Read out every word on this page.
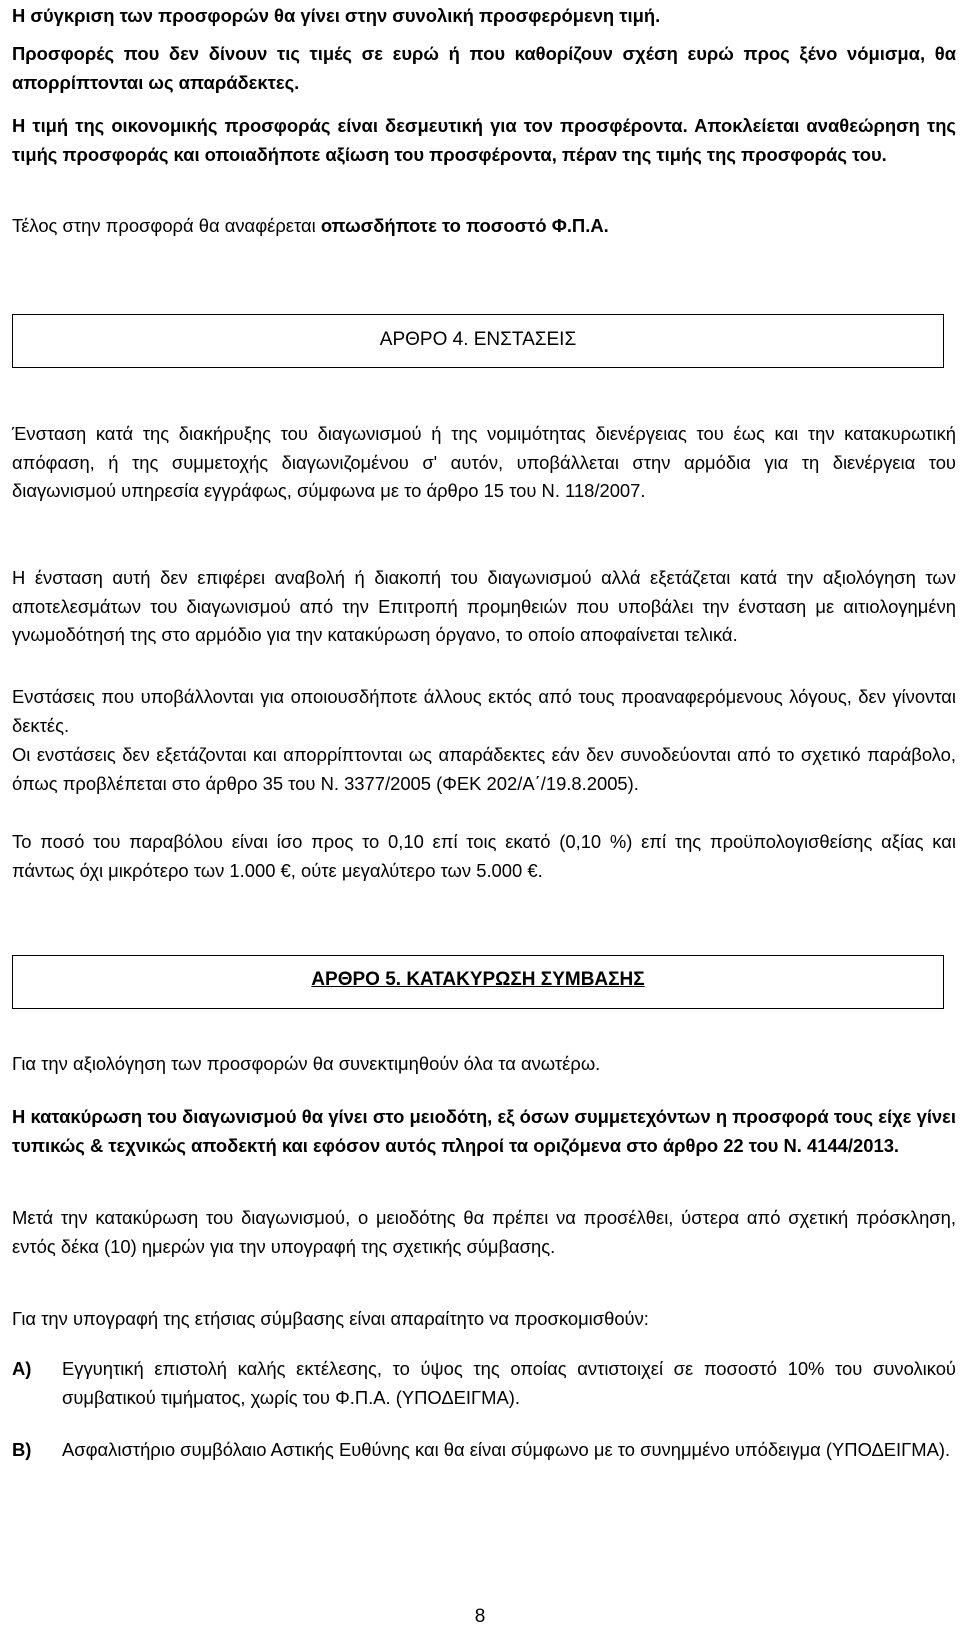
Η σύγκριση των προσφορών θα γίνει στην συνολική προσφερόμενη τιμή.

Προσφορές που δεν δίνουν τις τιμές σε ευρώ ή που καθορίζουν σχέση ευρώ προς ξένο νόμισμα, θα απορρίπτονται ως απαράδεκτες.

Η τιμή της οικονομικής προσφοράς είναι δεσμευτική για τον προσφέροντα. Αποκλείεται αναθεώρηση της τιμής προσφοράς και οποιαδήποτε αξίωση του προσφέροντα, πέραν της τιμής της προσφοράς του.

Τέλος στην προσφορά θα αναφέρεται οπωσδήποτε το ποσοστό Φ.Π.Α.

ΑΡΘΡΟ 4. ΕΝΣΤΑΣΕΙΣ

Ένσταση κατά της διακήρυξης του διαγωνισμού ή της νομιμότητας διενέργειας του έως και την κατακυρωτική απόφαση, ή της συμμετοχής διαγωνιζομένου σ' αυτόν, υποβάλλεται στην αρμόδια για τη διενέργεια του διαγωνισμού υπηρεσία εγγράφως, σύμφωνα με το άρθρο 15 του Ν. 118/2007.

Η ένσταση αυτή δεν επιφέρει αναβολή ή διακοπή του διαγωνισμού αλλά εξετάζεται κατά την αξιολόγηση των αποτελεσμάτων του διαγωνισμού από την Επιτροπή προμηθειών που υποβάλει την ένσταση με αιτιολογημένη γνωμοδότησή της στο αρμόδιο για την κατακύρωση όργανο, το οποίο αποφαίνεται τελικά.

Ενστάσεις που υποβάλλονται για οποιουσδήποτε άλλους εκτός από τους προαναφερόμενους λόγους, δεν γίνονται δεκτές.

Οι ενστάσεις δεν εξετάζονται και απορρίπτονται ως απαράδεκτες εάν δεν συνοδεύονται από το σχετικό παράβολο, όπως προβλέπεται στο άρθρο 35 του Ν. 3377/2005 (ΦΕΚ 202/Α΄/19.8.2005).

Το ποσό του παραβόλου είναι ίσο προς το 0,10 επί τοις εκατό (0,10 %) επί της προϋπολογισθείσης αξίας και πάντως όχι μικρότερο των 1.000 €, ούτε μεγαλύτερο των 5.000 €.

ΑΡΘΡΟ 5. ΚΑΤΑΚΥΡΩΣΗ ΣΥΜΒΑΣΗΣ

Για την αξιολόγηση των προσφορών θα συνεκτιμηθούν όλα τα ανωτέρω.

Η κατακύρωση του διαγωνισμού θα γίνει στο μειοδότη, εξ όσων συμμετεχόντων η προσφορά τους είχε γίνει τυπικώς & τεχνικώς αποδεκτή και εφόσον αυτός πληροί τα οριζόμενα στο άρθρο 22 του Ν. 4144/2013.

Μετά την κατακύρωση του διαγωνισμού, ο μειοδότης θα πρέπει να προσέλθει, ύστερα από σχετική πρόσκληση, εντός δέκα (10) ημερών για την υπογραφή της σχετικής σύμβασης.

Για την υπογραφή της ετήσιας σύμβασης είναι απαραίτητο να προσκομισθούν:

Α) Εγγυητική επιστολή καλής εκτέλεσης, το ύψος της οποίας αντιστοιχεί σε ποσοστό 10% του συνολικού συμβατικού τιμήματος, χωρίς του Φ.Π.Α. (ΥΠΟΔΕΙΓΜΑ).
Β) Ασφαλιστήριο συμβόλαιο Αστικής Ευθύνης και θα είναι σύμφωνο με το συνημμένο υπόδειγμα (ΥΠΟΔΕΙΓΜΑ).
8
